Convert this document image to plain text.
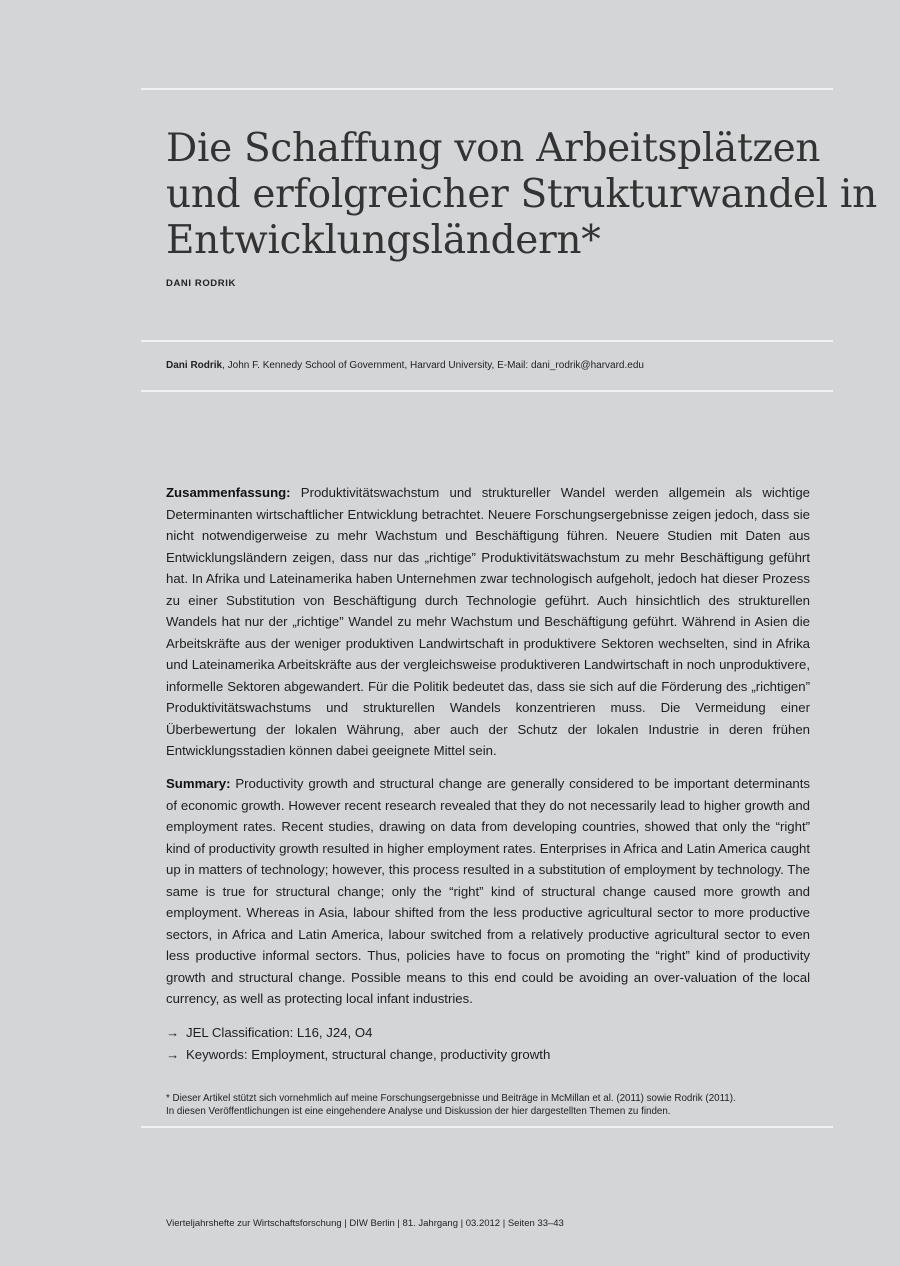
Die Schaffung von Arbeitsplätzen
und erfolgreicher Strukturwandel in
Entwicklungsländern*
DANI RODRIK
Dani Rodrik, John F. Kennedy School of Government, Harvard University, E-Mail: dani_rodrik@harvard.edu

Zusammenfassung: Produktivitätswachstum und struktureller Wandel werden allgemein als wichtige Determinanten wirtschaftlicher Entwicklung betrachtet. Neuere Forschungsergebnisse zeigen jedoch, dass sie nicht notwendigerweise zu mehr Wachstum und Beschäftigung führen. Neuere Studien mit Daten aus Entwicklungsländern zeigen, dass nur das „richtige” Produktivitätswachstum zu mehr Beschäftigung geführt hat. In Afrika und Lateinamerika haben Unternehmen zwar technologisch aufgeholt, jedoch hat dieser Prozess zu einer Substitution von Beschäftigung durch Technologie geführt. Auch hinsichtlich des strukturellen Wandels hat nur der „richtige” Wandel zu mehr Wachstum und Beschäftigung geführt. Während in Asien die Arbeitskräfte aus der weniger produktiven Landwirtschaft in produktivere Sektoren wechselten, sind in Afrika und Lateinamerika Arbeitskräfte aus der vergleichsweise produktiveren Landwirtschaft in noch unproduktivere, informelle Sektoren abgewandert. Für die Politik bedeutet das, dass sie sich auf die Förderung des „richtigen” Produktivitätswachstums und strukturellen Wandels konzentrieren muss. Die Vermeidung einer Überbewertung der lokalen Währung, aber auch der Schutz der lokalen Industrie in deren frühen Entwicklungsstadien können dabei geeignete Mittel sein.

Summary: Productivity growth and structural change are generally considered to be important determinants of economic growth. However recent research revealed that they do not necessarily lead to higher growth and employment rates. Recent studies, drawing on data from developing countries, showed that only the “right” kind of productivity growth resulted in higher employment rates. Enterprises in Africa and Latin America caught up in matters of technology; however, this process resulted in a substitution of employment by technology. The same is true for structural change; only the “right” kind of structural change caused more growth and employment. Whereas in Asia, labour shifted from the less productive agricultural sector to more productive sectors, in Africa and Latin America, labour switched from a relatively productive agricultural sector to even less productive informal sectors. Thus, policies have to focus on promoting the “right” kind of productivity growth and structural change. Possible means to this end could be avoiding an over-valuation of the local currency, as well as protecting local infant industries.

→ JEL Classification: L16, J24, O4
→ Keywords: Employment, structural change, productivity growth

* Dieser Artikel stützt sich vornehmlich auf meine Forschungsergebnisse und Beiträge in McMillan et al. (2011) sowie Rodrik (2011).
In diesen Veröffentlichungen ist eine eingehendere Analyse und Diskussion der hier dargestellten Themen zu finden.

Vierteljahrshefte zur Wirtschaftsforschung | DIW Berlin | 81. Jahrgang | 03.2012 | Seiten 33–43
